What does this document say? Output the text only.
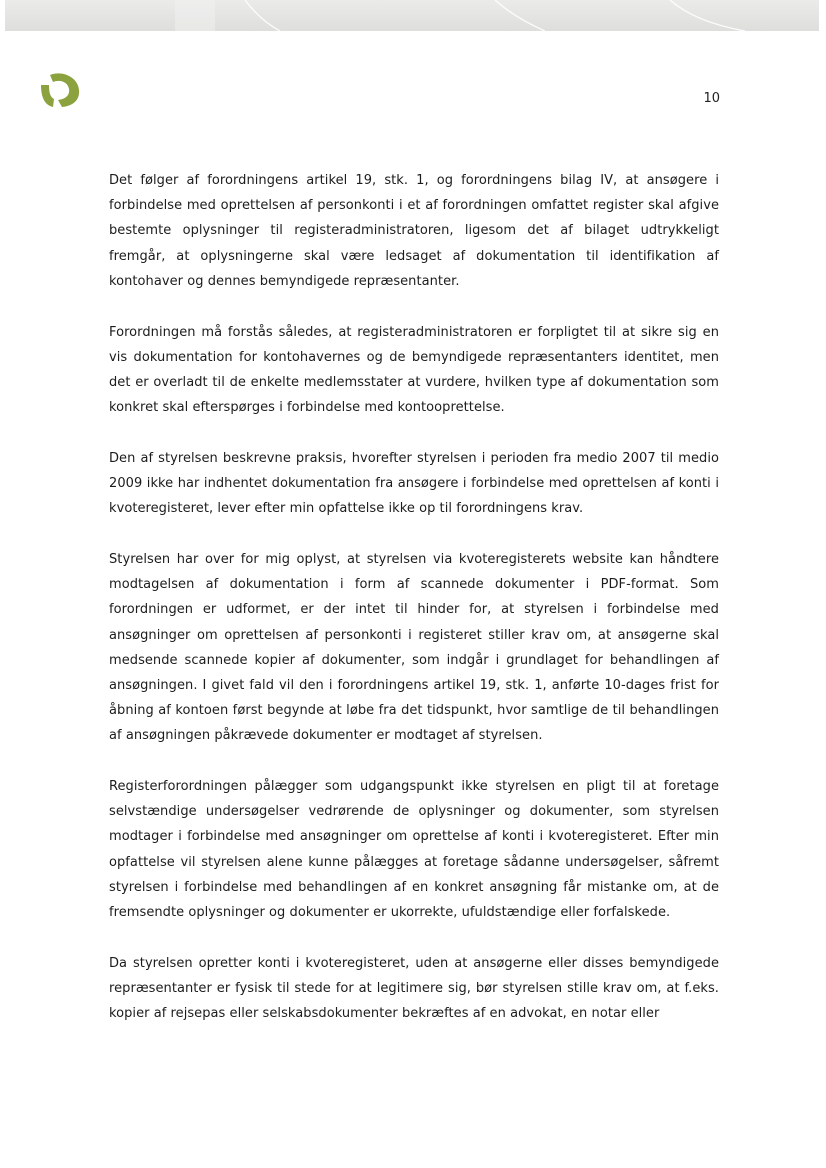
10

Det følger af forordningens artikel 19, stk. 1, og forordningens bilag IV, at ansøgere i forbindelse med oprettelsen af personkonti i et af forordningen omfattet register skal afgive bestemte oplysninger til registeradministratoren, ligesom det af bilaget udtrykkeligt fremgår, at oplysningerne skal være ledsaget af dokumentation til identifikation af kontohaver og dennes bemyndigede repræsentanter.

Forordningen må forstås således, at registeradministratoren er forpligtet til at sikre sig en vis dokumentation for kontohavernes og de bemyndigede repræsentanters identitet, men det er overladt til de enkelte medlemsstater at vurdere, hvilken type af dokumentation som konkret skal efterspørges i forbindelse med kontooprettelse.

Den af styrelsen beskrevne praksis, hvorefter styrelsen i perioden fra medio 2007 til medio 2009 ikke har indhentet dokumentation fra ansøgere i forbindelse med oprettelsen af konti i kvoteregisteret, lever efter min opfattelse ikke op til forordningens krav.

Styrelsen har over for mig oplyst, at styrelsen via kvoteregisterets website kan håndtere modtagelsen af dokumentation i form af scannede dokumenter i PDF-format. Som forordningen er udformet, er der intet til hinder for, at styrelsen i forbindelse med ansøgninger om oprettelsen af personkonti i registeret stiller krav om, at ansøgerne skal medsende scannede kopier af dokumenter, som indgår i grundlaget for behandlingen af ansøgningen. I givet fald vil den i forordningens artikel 19, stk. 1, anførte 10-dages frist for åbning af kontoen først begynde at løbe fra det tidspunkt, hvor samtlige de til behandlingen af ansøgningen påkrævede dokumenter er modtaget af styrelsen.

Registerforordningen pålægger som udgangspunkt ikke styrelsen en pligt til at foretage selvstændige undersøgelser vedrørende de oplysninger og dokumenter, som styrelsen modtager i forbindelse med ansøgninger om oprettelse af konti i kvoteregisteret. Efter min opfattelse vil styrelsen alene kunne pålægges at foretage sådanne undersøgelser, såfremt styrelsen i forbindelse med behandlingen af en konkret ansøgning får mistanke om, at de fremsendte oplysninger og dokumenter er ukorrekte, ufuldstændige eller forfalskede.

Da styrelsen opretter konti i kvoteregisteret, uden at ansøgerne eller disses bemyndigede repræsentanter er fysisk til stede for at legitimere sig, bør styrelsen stille krav om, at f.eks. kopier af rejsepas eller selskabsdokumenter bekræftes af en advokat, en notar eller
